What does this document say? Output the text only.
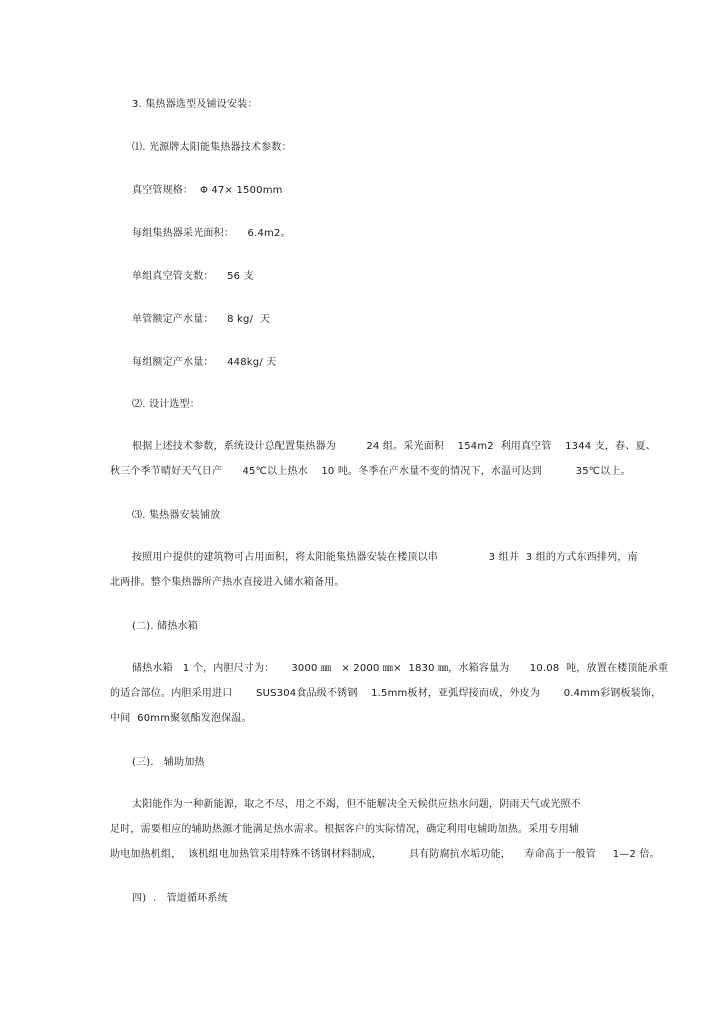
3. 集热器选型及铺设安装：
⑴. 光源牌太阳能集热器技术参数：
真空管规格：  Φ 47× 1500mm
每组集热器采光面积：    6.4m2。
单组真空管支数：    56 支
单管额定产水量：    8 kg/  天
每组额定产水量：    448kg/ 天
⑵. 设计选型：
根据上述技术参数，系统设计总配置集热器为         24 组。采光面积    154m2  利用真空管    1344 支，春、夏、
秋三个季节晴好天气日产      45℃以上热水    10 吨。冬季在产水量不变的情况下，水温可达到          35℃以上。
⑶. 集热器安装铺放
按照用户提供的建筑物可占用面积，将太阳能集热器安装在楼顶以串               3 组并  3 组的方式东西排列，南
北两排。整个集热器所产热水直接进入储水箱备用。
(二). 储热水箱
储热水箱   1 个，内胆尺寸为：     3000 ㎜   × 2000 ㎜×  1830 ㎜，水箱容量为      10.08  吨，放置在楼顶能承重
的适合部位。内胆采用进口       SUS304食品级不锈钢    1.5mm板材，亚弧焊接而成，外皮为       0.4mm彩钢板装饰，
中间  60mm聚氨酯发泡保温。
(三).   辅助加热
太阳能作为一种新能源，取之不尽，用之不竭，但不能解决全天候供应热水问题，阴雨天气或光照不
足时，需要相应的辅助热源才能满足热水需求。根据客户的实际情况，确定利用电辅助加热。采用专用辅
助电加热机组，  该机组电加热管采用特殊不锈钢材料制成，        具有防腐抗水垢功能，    寿命高于一般管     1—2 倍。
四)  .   管道循环系统
